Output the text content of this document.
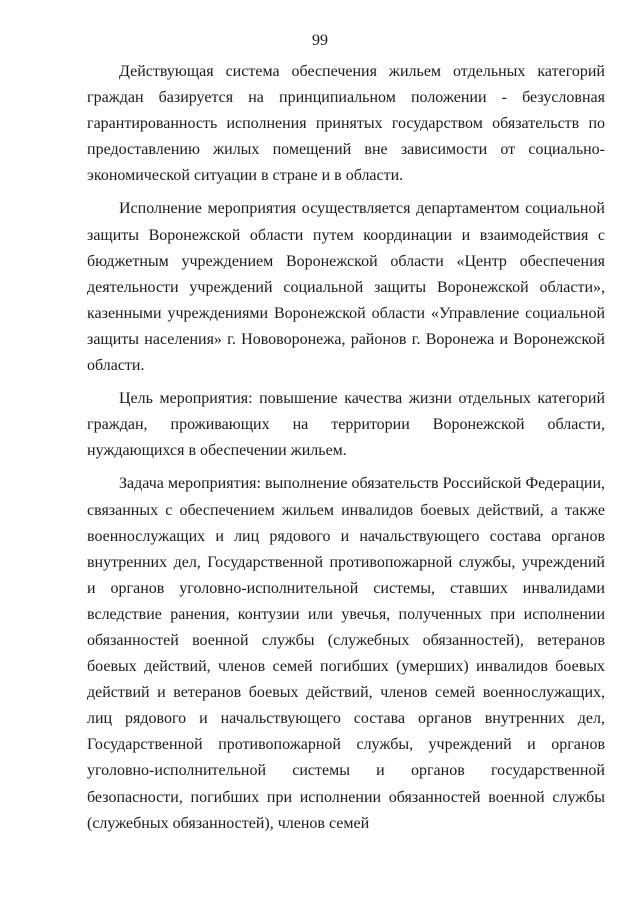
99

Действующая система обеспечения жильем отдельных категорий граждан базируется на принципиальном положении - безусловная гарантированность исполнения принятых государством обязательств по предоставлению жилых помещений вне зависимости от социально-экономической ситуации в стране и в области.

Исполнение мероприятия осуществляется департаментом социальной защиты Воронежской области путем координации и взаимодействия с бюджетным учреждением Воронежской области «Центр обеспечения деятельности учреждений социальной защиты Воронежской области», казенными учреждениями Воронежской области «Управление социальной защиты населения» г. Нововоронежа, районов г. Воронежа и Воронежской области.

Цель мероприятия: повышение качества жизни отдельных категорий граждан, проживающих на территории Воронежской области, нуждающихся в обеспечении жильем.

Задача мероприятия: выполнение обязательств Российской Федерации, связанных с обеспечением жильем инвалидов боевых действий, а также военнослужащих и лиц рядового и начальствующего состава органов внутренних дел, Государственной противопожарной службы, учреждений и органов уголовно-исполнительной системы, ставших инвалидами вследствие ранения, контузии или увечья, полученных при исполнении обязанностей военной службы (служебных обязанностей), ветеранов боевых действий, членов семей погибших (умерших) инвалидов боевых действий и ветеранов боевых действий, членов семей военнослужащих, лиц рядового и начальствующего состава органов внутренних дел, Государственной противопожарной службы, учреждений и органов уголовно-исполнительной системы и органов государственной безопасности, погибших при исполнении обязанностей военной службы (служебных обязанностей), членов семей
